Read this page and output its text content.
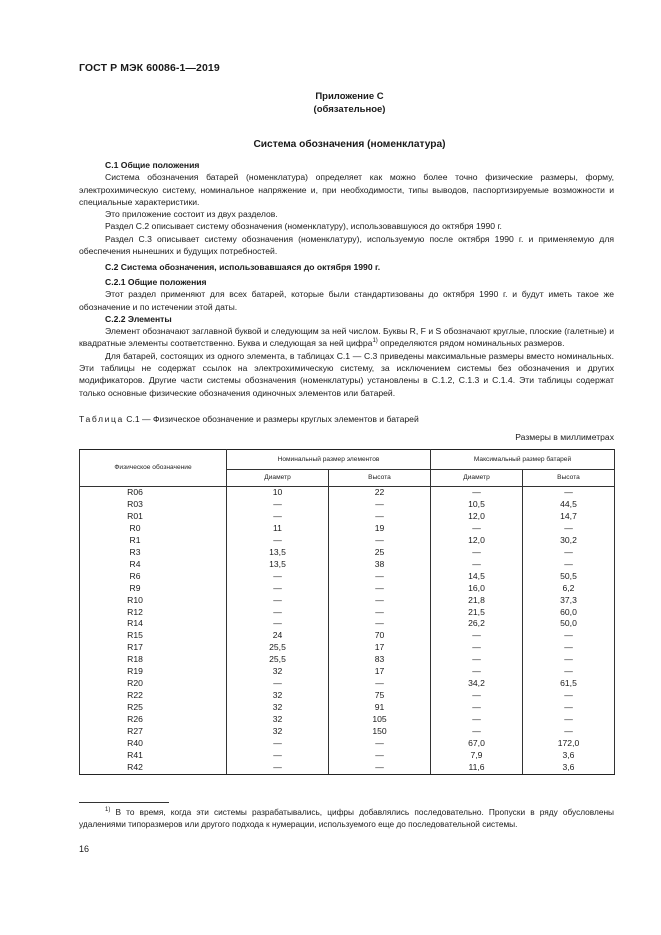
ГОСТ Р МЭК 60086-1—2019
Приложение С
(обязательное)
Система обозначения (номенклатура)

С.1 Общие положения

Система обозначения батарей (номенклатура) определяет как можно более точно физические размеры, форму, электрохимическую систему, номинальное напряжение и, при необходимости, типы выводов, паспортизируемые возможности и специальные характеристики.

Это приложение состоит из двух разделов.

Раздел С.2 описывает систему обозначения (номенклатуру), использовавшуюся до октября 1990 г.

Раздел С.3 описывает систему обозначения (номенклатуру), используемую после октября 1990 г. и применяемую для обеспечения нынешних и будущих потребностей.

С.2 Система обозначения, использовавшаяся до октября 1990 г.

С.2.1 Общие положения

Этот раздел применяют для всех батарей, которые были стандартизованы до октября 1990 г. и будут иметь такое же обозначение и по истечении этой даты.

С.2.2 Элементы

Элемент обозначают заглавной буквой и следующим за ней числом. Буквы R, F и S обозначают круглые, плоские (галетные) и квадратные элементы соответственно. Буква и следующая за ней цифра$^{1)}$ определяются рядом номинальных размеров.

Для батарей, состоящих из одного элемента, в таблицах С.1 — С.3 приведены максимальные размеры вместо номинальных. Эти таблицы не содержат ссылок на электрохимическую систему, за исключением системы без обозначения и других модификаторов. Другие части системы обозначения (номенклатуры) установлены в С.1.2, С.1.3 и С.1.4. Эти таблицы содержат только основные физические обозначения одиночных элементов или батарей.

Таблица С.1 — Физическое обозначение и размеры круглых элементов и батарей
Размеры в миллиметрах
Физическое обозначение	Номинальный размер элементов		Максимальный размер батарей	
	Диаметр	Высота	Диаметр	Высота
R06	10	22	—	—
R03	—	—	10,5	44,5
R01	—	—	12,0	14,7
R0	11	19	—	—
R1	—	—	12,0	30,2
R3	13,5	25	—	—
R4	13,5	38	—	—
R6	—	—	14,5	50,5
R9	—	—	16,0	6,2
R10	—	—	21,8	37,3
R12	—	—	21,5	60,0
R14	—	—	26,2	50,0
R15	24	70	—	—
R17	25,5	17	—	—
R18	25,5	83	—	—
R19	32	17	—	—
R20	—	—	34,2	61,5
R22	32	75	—	—
R25	32	91	—	—
R26	32	105	—	—
R27	32	150	—	—
R40	—	—	67,0	172,0
R41	—	—	7,9	3,6
R42	—	—	11,6	3,6

$^{1)}$ В то время, когда эти системы разрабатывались, цифры добавлялись последовательно. Пропуски в ряду обусловлены удалениями типоразмеров или другого подхода к нумерации, используемого еще до последовательной системы.

16
